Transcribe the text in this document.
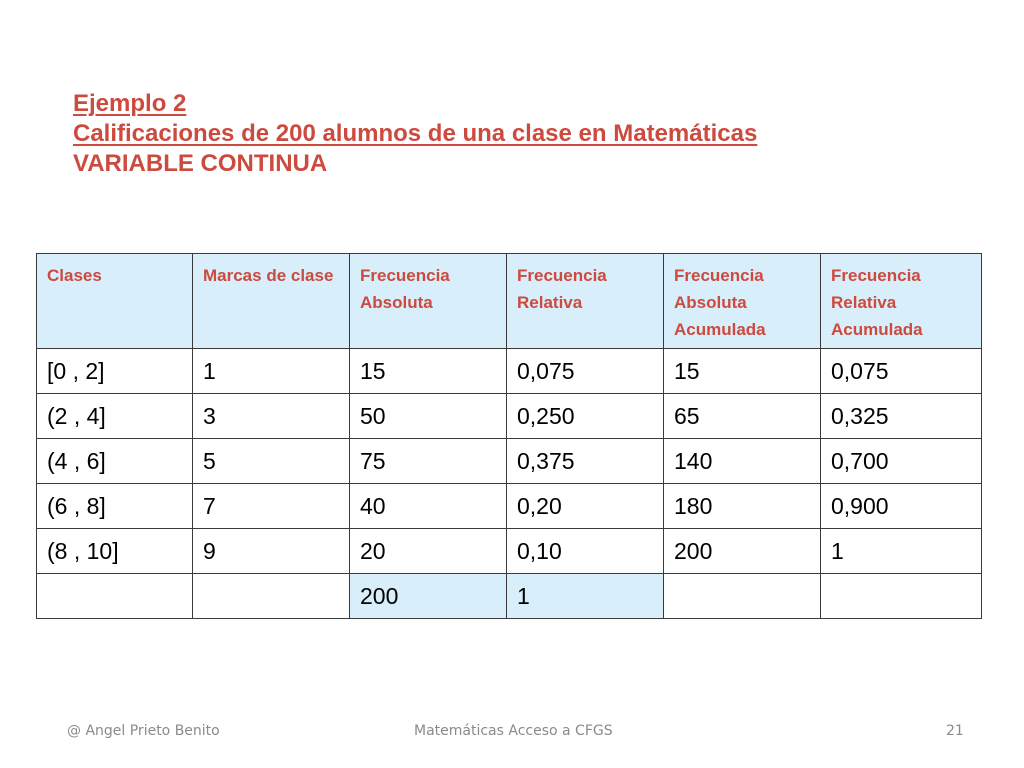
Ejemplo 2
Calificaciones de 200 alumnos de una clase en Matemáticas
VARIABLE CONTINUA
Clases	Marcas de clase	Frecuencia Absoluta	Frecuencia Relativa	Frecuencia Absoluta Acumulada	Frecuencia Relativa Acumulada
[0 , 2]	1	15	0,075	15	0,075
(2 , 4]	3	50	0,250	65	0,325
(4 , 6]	5	75	0,375	140	0,700
(6 , 8]	7	40	0,20	180	0,900
(8 , 10]	9	20	0,10	200	1
		200	1		
@ Angel Prieto Benito	Matemáticas Acceso a CFGS	21
